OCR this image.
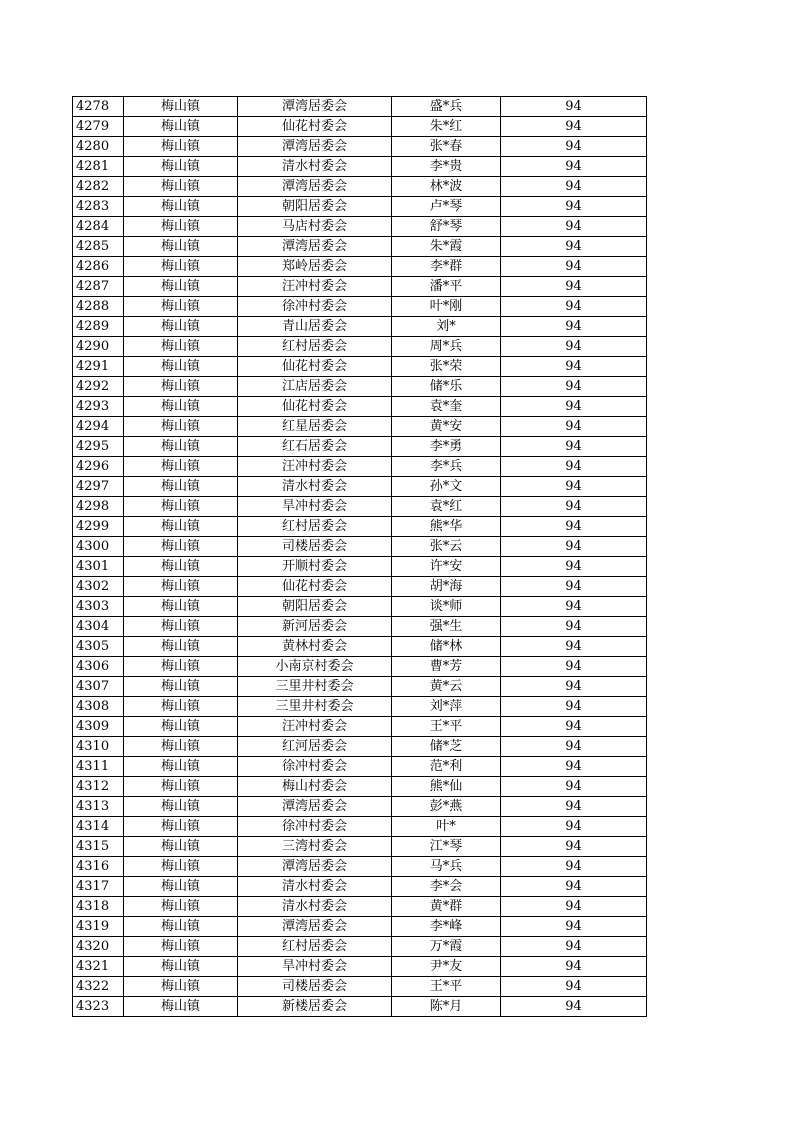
4278	梅山镇	潭湾居委会	盛*兵	94
4279	梅山镇	仙花村委会	朱*红	94
4280	梅山镇	潭湾居委会	张*春	94
4281	梅山镇	清水村委会	李*贵	94
4282	梅山镇	潭湾居委会	林*波	94
4283	梅山镇	朝阳居委会	卢*琴	94
4284	梅山镇	马店村委会	舒*琴	94
4285	梅山镇	潭湾居委会	朱*霞	94
4286	梅山镇	郑岭居委会	李*群	94
4287	梅山镇	汪冲村委会	潘*平	94
4288	梅山镇	徐冲村委会	叶*刚	94
4289	梅山镇	青山居委会	刘*	94
4290	梅山镇	红村居委会	周*兵	94
4291	梅山镇	仙花村委会	张*荣	94
4292	梅山镇	江店居委会	储*乐	94
4293	梅山镇	仙花村委会	袁*奎	94
4294	梅山镇	红星居委会	黄*安	94
4295	梅山镇	红石居委会	李*勇	94
4296	梅山镇	汪冲村委会	李*兵	94
4297	梅山镇	清水村委会	孙*文	94
4298	梅山镇	旱冲村委会	袁*红	94
4299	梅山镇	红村居委会	熊*华	94
4300	梅山镇	司楼居委会	张*云	94
4301	梅山镇	开顺村委会	许*安	94
4302	梅山镇	仙花村委会	胡*海	94
4303	梅山镇	朝阳居委会	谈*师	94
4304	梅山镇	新河居委会	强*生	94
4305	梅山镇	黄林村委会	储*林	94
4306	梅山镇	小南京村委会	曹*芳	94
4307	梅山镇	三里井村委会	黄*云	94
4308	梅山镇	三里井村委会	刘*萍	94
4309	梅山镇	汪冲村委会	王*平	94
4310	梅山镇	红河居委会	储*芝	94
4311	梅山镇	徐冲村委会	范*利	94
4312	梅山镇	梅山村委会	熊*仙	94
4313	梅山镇	潭湾居委会	彭*燕	94
4314	梅山镇	徐冲村委会	叶*	94
4315	梅山镇	三湾村委会	江*琴	94
4316	梅山镇	潭湾居委会	马*兵	94
4317	梅山镇	清水村委会	李*会	94
4318	梅山镇	清水村委会	黄*群	94
4319	梅山镇	潭湾居委会	李*峰	94
4320	梅山镇	红村居委会	万*霞	94
4321	梅山镇	旱冲村委会	尹*友	94
4322	梅山镇	司楼居委会	王*平	94
4323	梅山镇	新楼居委会	陈*月	94
